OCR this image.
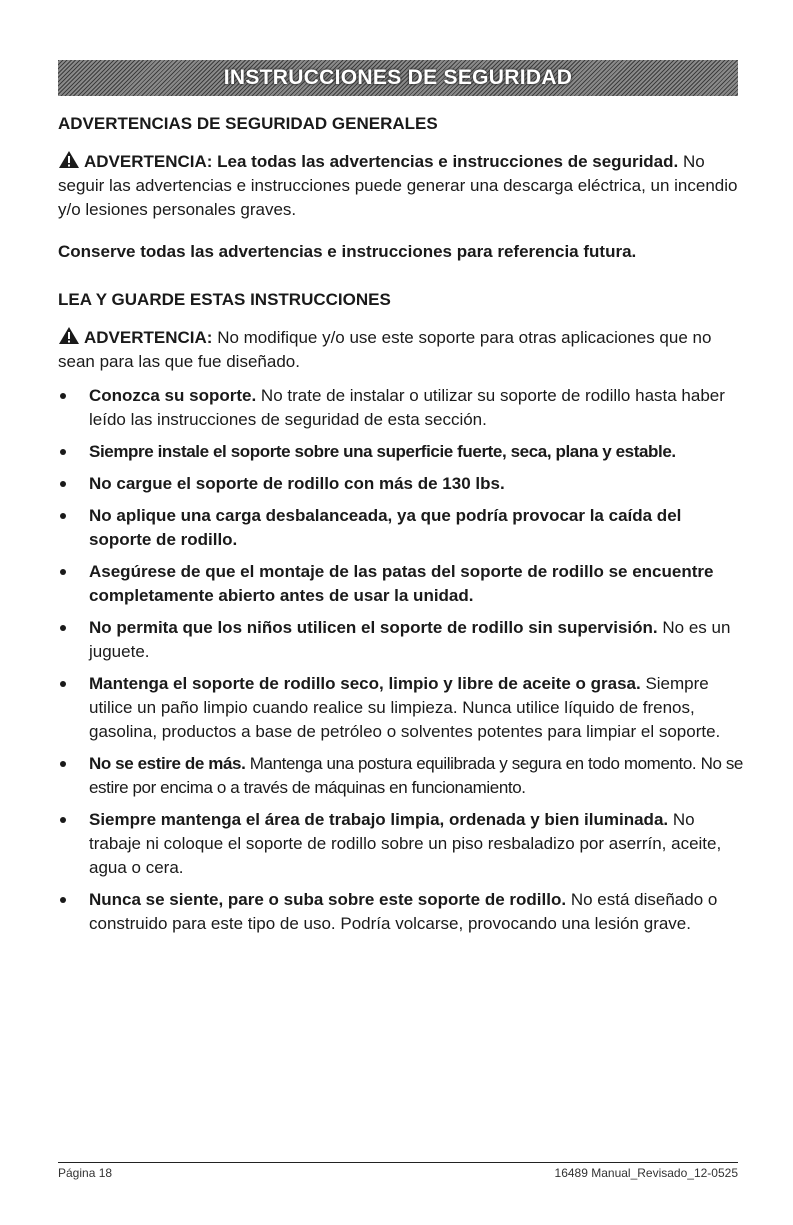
INSTRUCCIONES DE SEGURIDAD
ADVERTENCIAS DE SEGURIDAD GENERALES

ADVERTENCIA: Lea todas las advertencias e instrucciones de seguridad. No seguir las advertencias e instrucciones puede generar una descarga eléctrica, un incendio y/o lesiones personales graves.

Conserve todas las advertencias e instrucciones para referencia futura.

LEA Y GUARDE ESTAS INSTRUCCIONES

ADVERTENCIA: No modifique y/o use este soporte para otras aplicaciones que no sean para las que fue diseñado.

Conozca su soporte. No trate de instalar o utilizar su soporte de rodillo hasta haber leído las instrucciones de seguridad de esta sección.
Siempre instale el soporte sobre una superficie fuerte, seca, plana y estable.
No cargue el soporte de rodillo con más de 130 lbs.
No aplique una carga desbalanceada, ya que podría provocar la caída del soporte de rodillo.
Asegúrese de que el montaje de las patas del soporte de rodillo se encuentre completamente abierto antes de usar la unidad.
No permita que los niños utilicen el soporte de rodillo sin supervisión. No es un juguete.
Mantenga el soporte de rodillo seco, limpio y libre de aceite o grasa. Siempre utilice un paño limpio cuando realice su limpieza. Nunca utilice líquido de frenos, gasolina, productos a base de petróleo o solventes potentes para limpiar el soporte.
No se estire de más. Mantenga una postura equilibrada y segura en todo momento. No se estire por encima o a través de máquinas en funcionamiento.
Siempre mantenga el área de trabajo limpia, ordenada y bien iluminada. No trabaje ni coloque el soporte de rodillo sobre un piso resbaladizo por aserrín, aceite, agua o cera.
Nunca se siente, pare o suba sobre este soporte de rodillo. No está diseñado o construido para este tipo de uso. Podría volcarse, provocando una lesión grave.
Página 18	16489 Manual_Revisado_12-0525
